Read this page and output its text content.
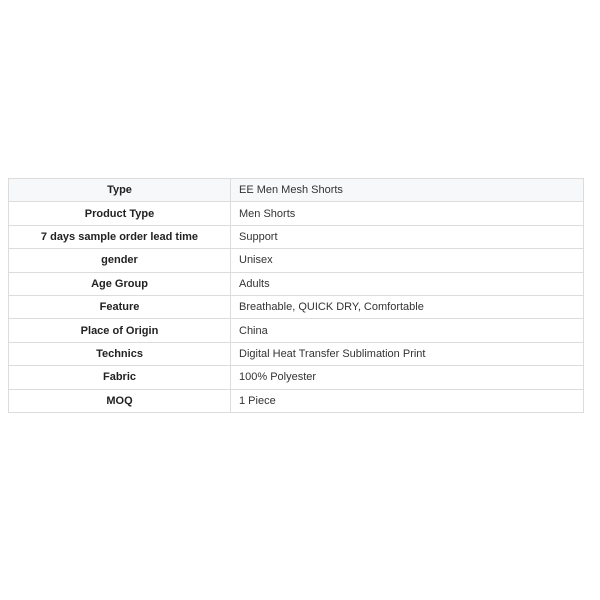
Type	EE Men Mesh Shorts
Product Type	Men Shorts
7 days sample order lead time	Support
gender	Unisex
Age Group	Adults
Feature	Breathable, QUICK DRY, Comfortable
Place of Origin	China
Technics	Digital Heat Transfer Sublimation Print
Fabric	100% Polyester
MOQ	1 Piece
